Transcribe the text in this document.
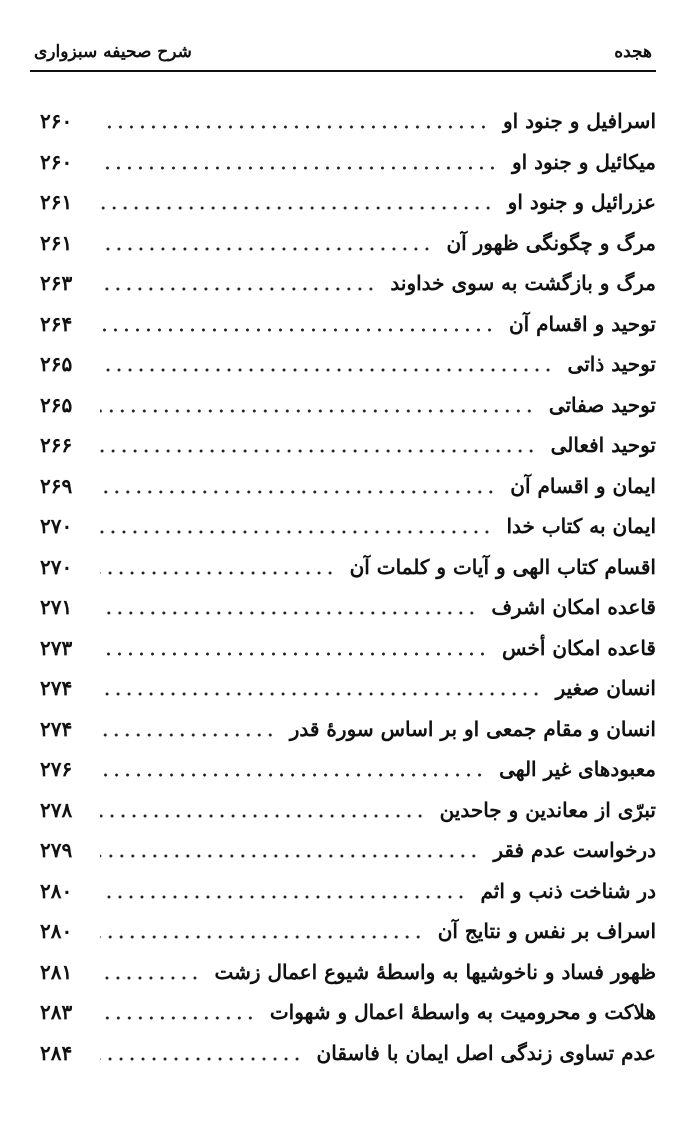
هجده
شرح صحیفه سبزواری
اسرافیل و جنود او
۲۶۰
میکائیل و جنود او
۲۶۰
عزرائیل و جنود او
۲۶۱
مرگ و چگونگی ظهور آن
۲۶۱
مرگ و بازگشت به سوی خداوند
۲۶۳
توحید و اقسام آن
۲۶۴
توحید ذاتی
۲۶۵
توحید صفاتی
۲۶۵
توحید افعالی
۲۶۶
ایمان و اقسام آن
۲۶۹
ایمان به کتاب خدا
۲۷۰
اقسام کتاب الهی و آیات و کلمات آن
۲۷۰
قاعده امکان اشرف
۲۷۱
قاعده امکان أخس
۲۷۳
انسان صغیر
۲۷۴
انسان و مقام جمعی او بر اساس سورهٔ قدر
۲۷۴
معبودهای غیر الهی
۲۷۶
تبرّی از معاندین و جاحدین
۲۷۸
درخواست عدم فقر
۲۷۹
در شناخت ذنب و اثم
۲۸۰
اسراف بر نفس و نتایج آن
۲۸۰
ظهور فساد و ناخوشیها به واسطهٔ شیوع اعمال زشت
۲۸۱
هلاکت و محرومیت به واسطهٔ اعمال و شهوات
۲۸۳
عدم تساوی زندگی اصل ایمان با فاسقان
۲۸۴
